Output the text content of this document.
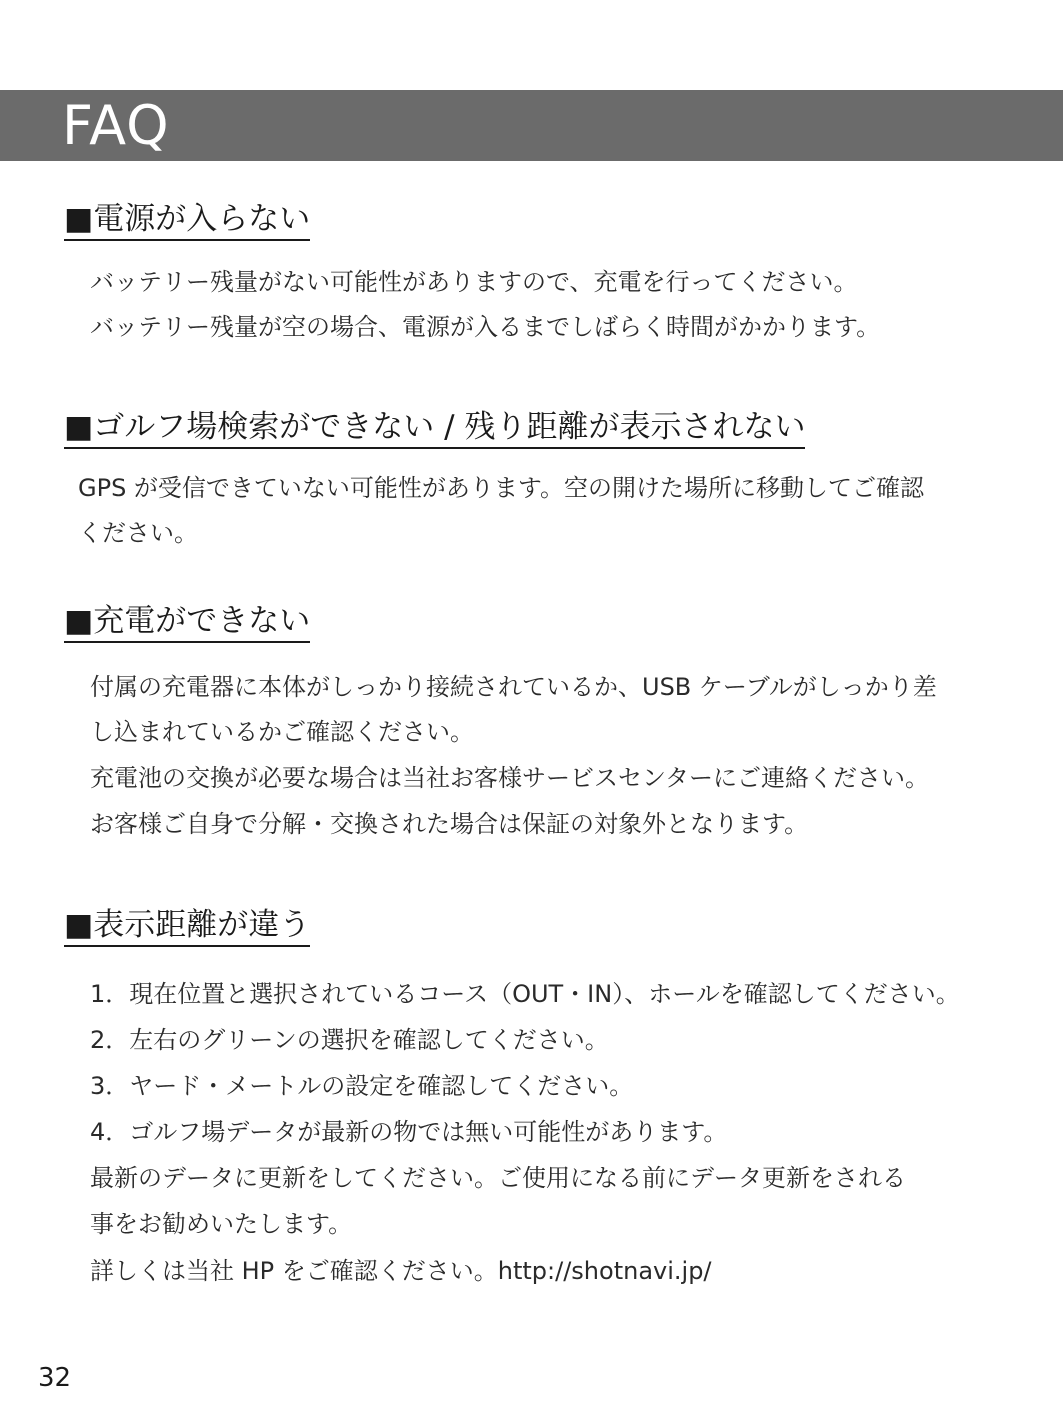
FAQ
■電源が入らない
バッテリー残量がない可能性がありますので、充電を行ってください。
バッテリー残量が空の場合、電源が入るまでしばらく時間がかかります。
■ゴルフ場検索ができない / 残り距離が表示されない
GPS が受信できていない可能性があります。空の開けた場所に移動してご確認
ください。
■充電ができない
付属の充電器に本体がしっかり接続されているか、USB ケーブルがしっかり差
し込まれているかご確認ください。
充電池の交換が必要な場合は当社お客様サービスセンターにご連絡ください。
お客様ご自身で分解・交換された場合は保証の対象外となります。
■表示距離が違う
1．現在位置と選択されているコース（OUT・IN）、ホールを確認してください。
2．左右のグリーンの選択を確認してください。
3．ヤード・メートルの設定を確認してください。
4．ゴルフ場データが最新の物では無い可能性があります。
最新のデータに更新をしてください。ご使用になる前にデータ更新をされる
事をお勧めいたします。
詳しくは当社 HP をご確認ください。http://shotnavi.jp/
32
